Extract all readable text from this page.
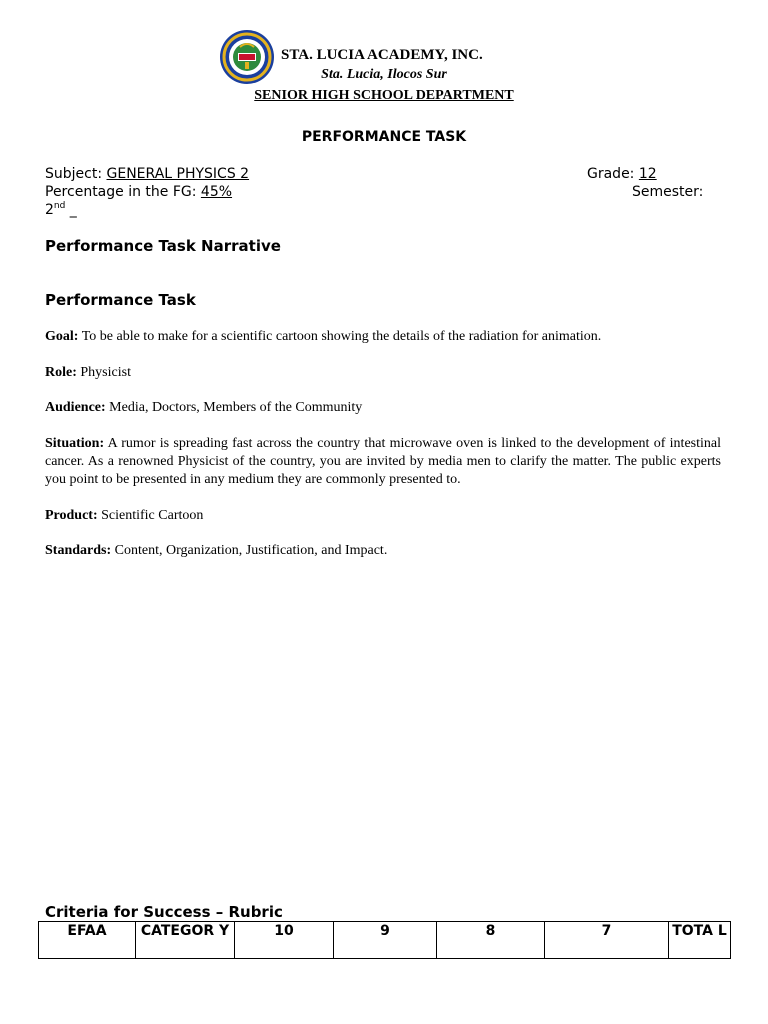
STA. LUCIA ACADEMY, INC.
Sta. Lucia, Ilocos Sur
SENIOR HIGH SCHOOL DEPARTMENT
PERFORMANCE TASK
Subject: GENERAL PHYSICS 2	Grade: 12
Percentage in the FG: 45%	Semester:
2nd _
Performance Task Narrative
Performance Task
Goal: To be able to make for a scientific cartoon showing the details of the radiation for animation.
Role: Physicist
Audience: Media, Doctors, Members of the Community
Situation: A rumor is spreading fast across the country that microwave oven is linked to the development of intestinal cancer. As a renowned Physicist of the country, you are invited by media men to clarify the matter. The public experts you point to be presented in any medium they are commonly presented to.
Product: Scientific Cartoon
Standards: Content, Organization, Justification, and Impact.
Criteria for Success – Rubric
EFAA	CATEGOR Y	10	9	8	7	TOTA L
